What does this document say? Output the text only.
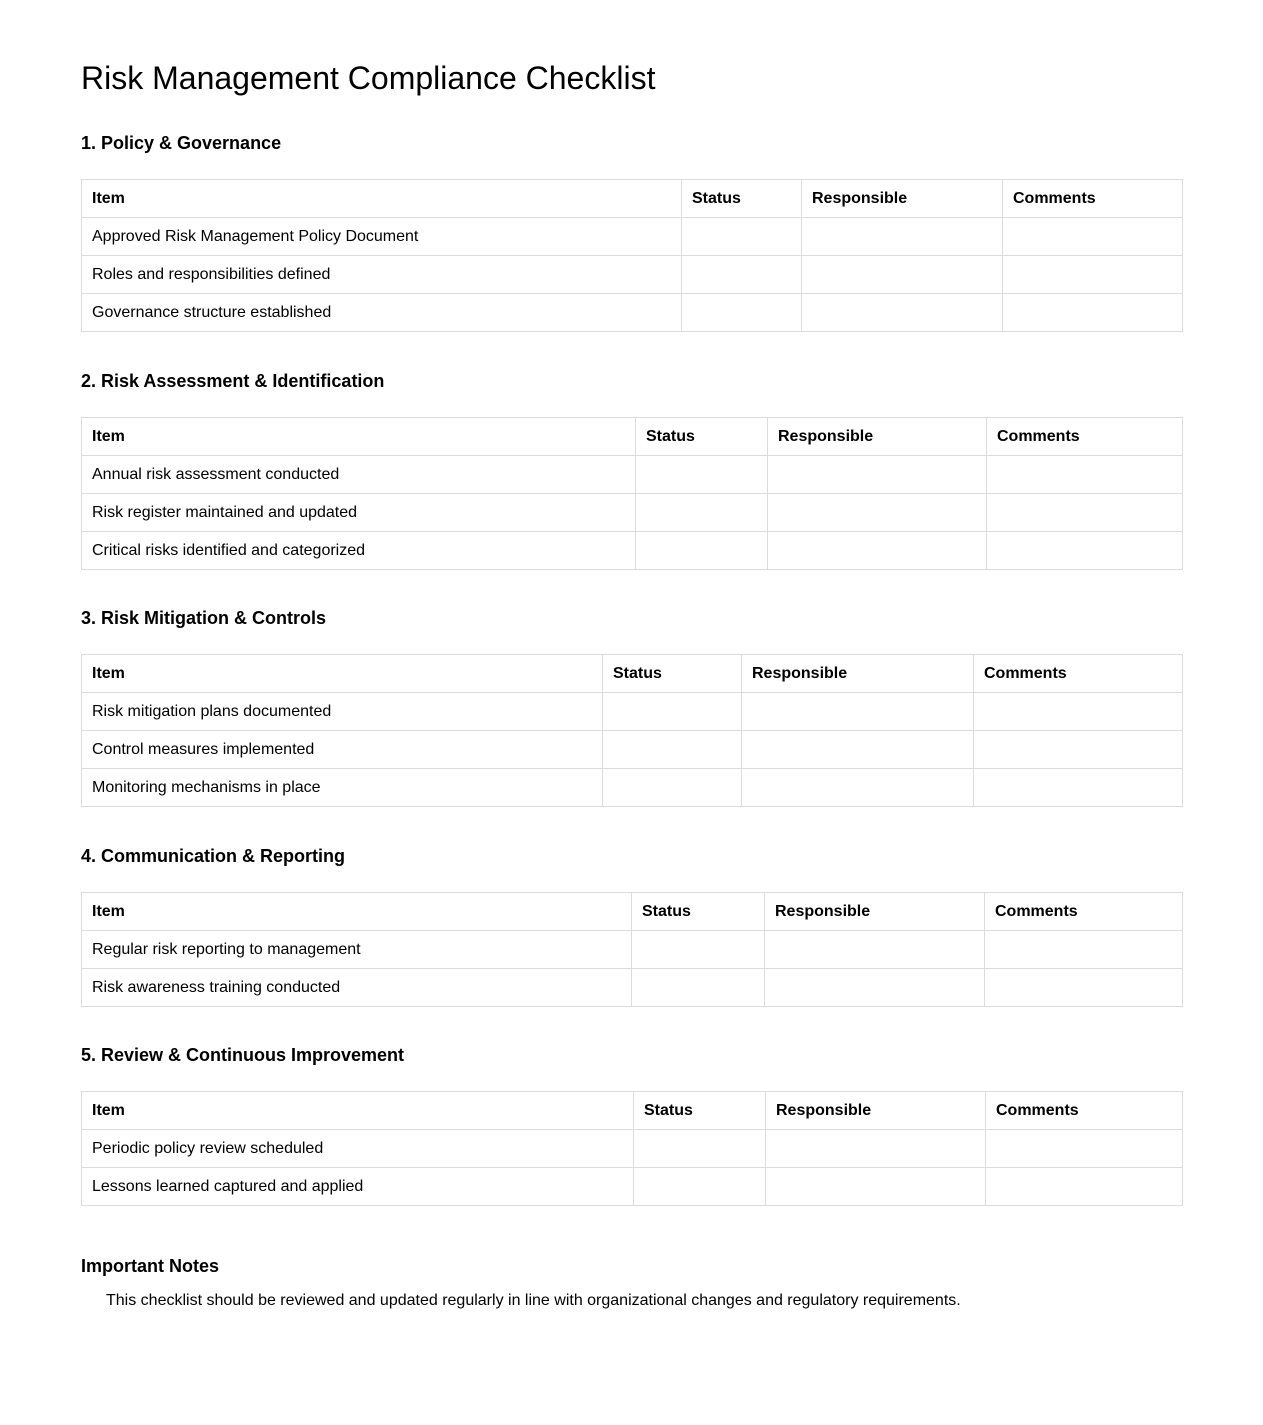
Risk Management Compliance Checklist
1. Policy & Governance
Item	Status	Responsible	Comments
Approved Risk Management Policy Document			
Roles and responsibilities defined			
Governance structure established			
2. Risk Assessment & Identification
Item	Status	Responsible	Comments
Annual risk assessment conducted			
Risk register maintained and updated			
Critical risks identified and categorized			
3. Risk Mitigation & Controls
Item	Status	Responsible	Comments
Risk mitigation plans documented			
Control measures implemented			
Monitoring mechanisms in place			
4. Communication & Reporting
Item	Status	Responsible	Comments
Regular risk reporting to management			
Risk awareness training conducted			
5. Review & Continuous Improvement
Item	Status	Responsible	Comments
Periodic policy review scheduled			
Lessons learned captured and applied			
Important Notes

This checklist should be reviewed and updated regularly in line with organizational changes and regulatory requirements.
